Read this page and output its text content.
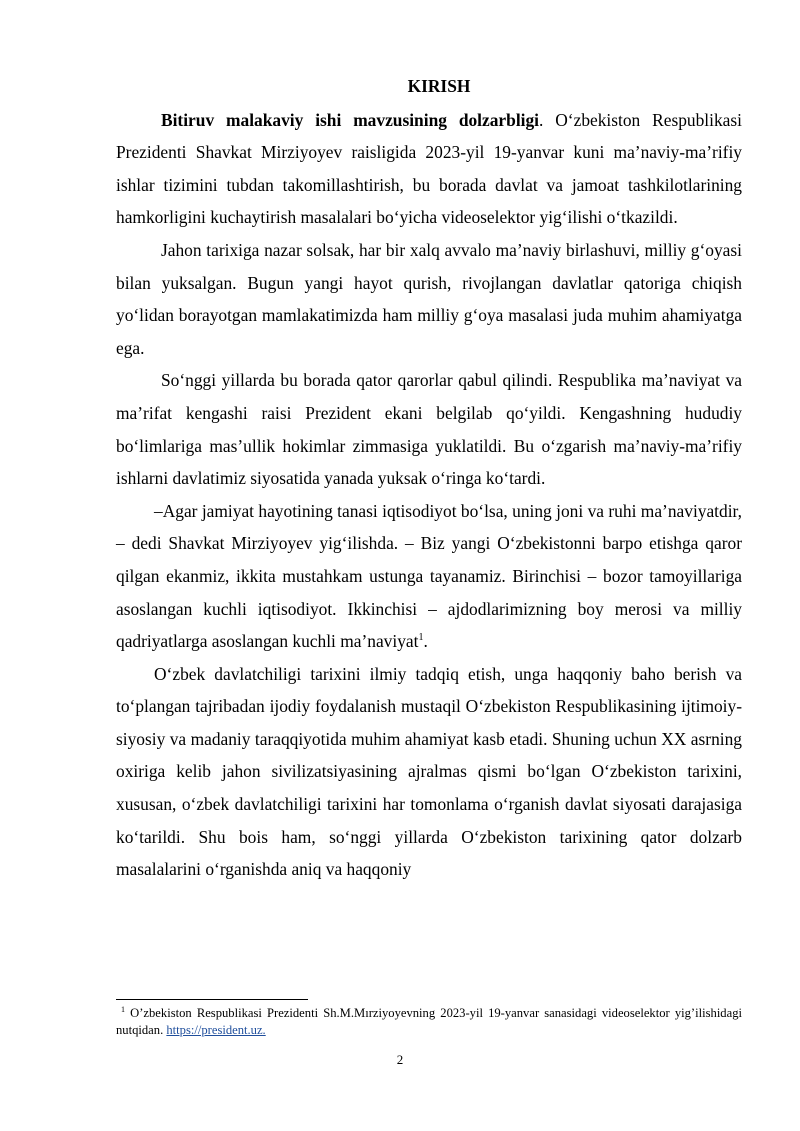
KIRISH

Bitiruv malakaviy ishi mavzusining dolzarbligi. O‘zbekiston Respublikasi Prezidenti Shavkat Mirziyoyev raisligida 2023-yil 19-yanvar kuni ma’naviy-ma’rifiy ishlar tizimini tubdan takomillashtirish, bu borada davlat va jamoat tashkilotlarining hamkorligini kuchaytirish masalalari bo‘yicha videoselektor yig‘ilishi o‘tkazildi.

Jahon tarixiga nazar solsak, har bir xalq avvalo ma’naviy birlashuvi, milliy g‘oyasi bilan yuksalgan. Bugun yangi hayot qurish, rivojlangan davlatlar qatoriga chiqish yo‘lidan borayotgan mamlakatimizda ham milliy g‘oya masalasi juda muhim ahamiyatga ega.

So‘nggi yillarda bu borada qator qarorlar qabul qilindi. Respublika ma’naviyat va ma’rifat kengashi raisi Prezident ekani belgilab qo‘yildi. Kengashning hududiy bo‘limlariga mas’ullik hokimlar zimmasiga yuklatildi. Bu o‘zgarish ma’naviy-ma’rifiy ishlarni davlatimiz siyosatida yanada yuksak o‘ringa ko‘tardi.

–Agar jamiyat hayotining tanasi iqtisodiyot bo‘lsa, uning joni va ruhi ma’naviyatdir, – dedi Shavkat Mirziyoyev yig‘ilishda. – Biz yangi O‘zbekistonni barpo etishga qaror qilgan ekanmiz, ikkita mustahkam ustunga tayanamiz. Birinchisi – bozor tamoyillariga asoslangan kuchli iqtisodiyot. Ikkinchisi – ajdodlarimizning boy merosi va milliy qadriyatlarga asoslangan kuchli ma’naviyat$^1$.

O‘zbek davlatchiligi tarixini ilmiy tadqiq etish, unga haqqoniy baho berish va to‘plangan tajribadan ijodiy foydalanish mustaqil O‘zbekiston Respublikasining ijtimoiy-siyosiy va madaniy taraqqiyotida muhim ahamiyat kasb etadi. Shuning uchun XX asrning oxiriga kelib jahon sivilizatsiyasining ajralmas qismi bo‘lgan O‘zbekiston tarixini, xususan, o‘zbek davlatchiligi tarixini har tomonlama o‘rganish davlat siyosati darajasiga ko‘tarildi. Shu bois ham, so‘nggi yillarda O‘zbekiston tarixining qator dolzarb masalalarini o‘rganishda aniq va haqqoniy

$^1$ O’zbekiston Respublikasi Prezidenti Sh.M.Mırziyoyevning 2023-yil 19-yanvar sanasidagi videoselektor yig’ilishidagi nutqidan. https://president.uz.
2
